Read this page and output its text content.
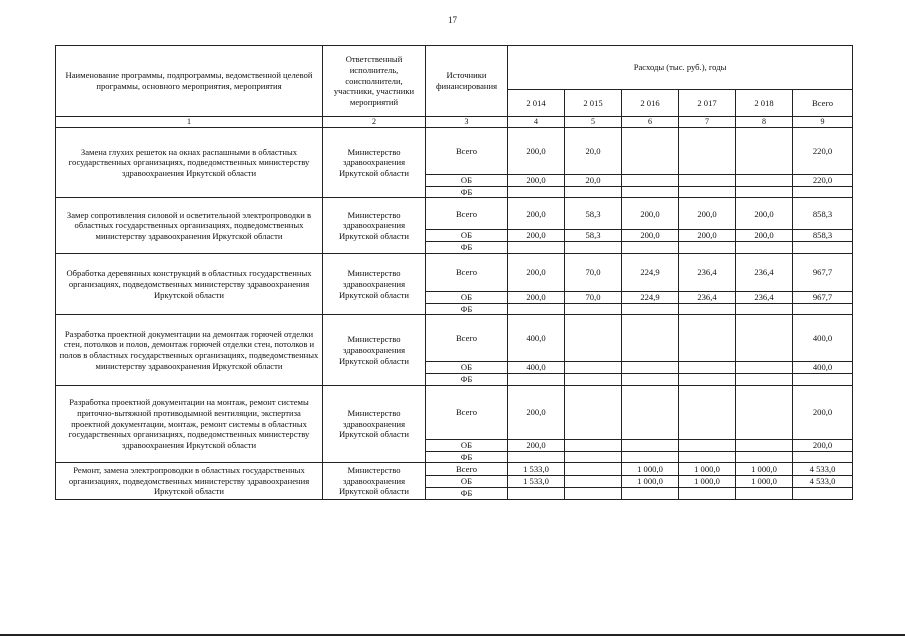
17
Наименование программы, подпрограммы, ведомственной целевой программы, основного мероприятия, мероприятия	Ответственный исполнитель, соисполнители, участники, участники мероприятий	Источники финансирования	Расходы (тыс. руб.), годы					
			2 014	2 015	2 016	2 017	2 018	Всего
1	2	3	4	5	6	7	8	9
Замена глухих решеток на окнах распашными в областных государственных организациях, подведомственных министерству здравоохранения Иркутской области	Министерство здравоохранения Иркутской области	Всего	200,0	20,0				220,0
		ОБ	200,0	20,0				220,0
		ФБ						
Замер сопротивления силовой и осветительной электропроводки в областных государственных организациях, подведомственных министерству здравоохранения Иркутской области	Министерство здравоохранения Иркутской области	Всего	200,0	58,3	200,0	200,0	200,0	858,3
		ОБ	200,0	58,3	200,0	200,0	200,0	858,3
		ФБ						
Обработка деревянных конструкций в областных государственных организациях, подведомственных министерству здравоохранения Иркутской области	Министерство здравоохранения Иркутской области	Всего	200,0	70,0	224,9	236,4	236,4	967,7
		ОБ	200,0	70,0	224,9	236,4	236,4	967,7
		ФБ						
Разработка проектной документации на демонтаж горючей отделки стен, потолков и полов, демонтаж горючей отделки стен, потолков и полов в областных государственных организациях, подведомственных министерству здравоохранения Иркутской области	Министерство здравоохранения Иркутской области	Всего	400,0					400,0
		ОБ	400,0					400,0
		ФБ						
Разработка проектной документации на монтаж, ремонт системы приточно-вытяжной противодымной вентиляции, экспертиза проектной документации, монтаж, ремонт системы в областных государственных организациях, подведомственных министерству здравоохранения Иркутской области	Министерство здравоохранения Иркутской области	Всего	200,0					200,0
		ОБ	200,0					200,0
		ФБ						
Ремонт, замена электропроводки в областных государственных организациях, подведомственных министерству здравоохранения Иркутской области	Министерство здравоохранения Иркутской области	Всего	1 533,0		1 000,0	1 000,0	1 000,0	4 533,0
		ОБ	1 533,0		1 000,0	1 000,0	1 000,0	4 533,0
		ФБ						
